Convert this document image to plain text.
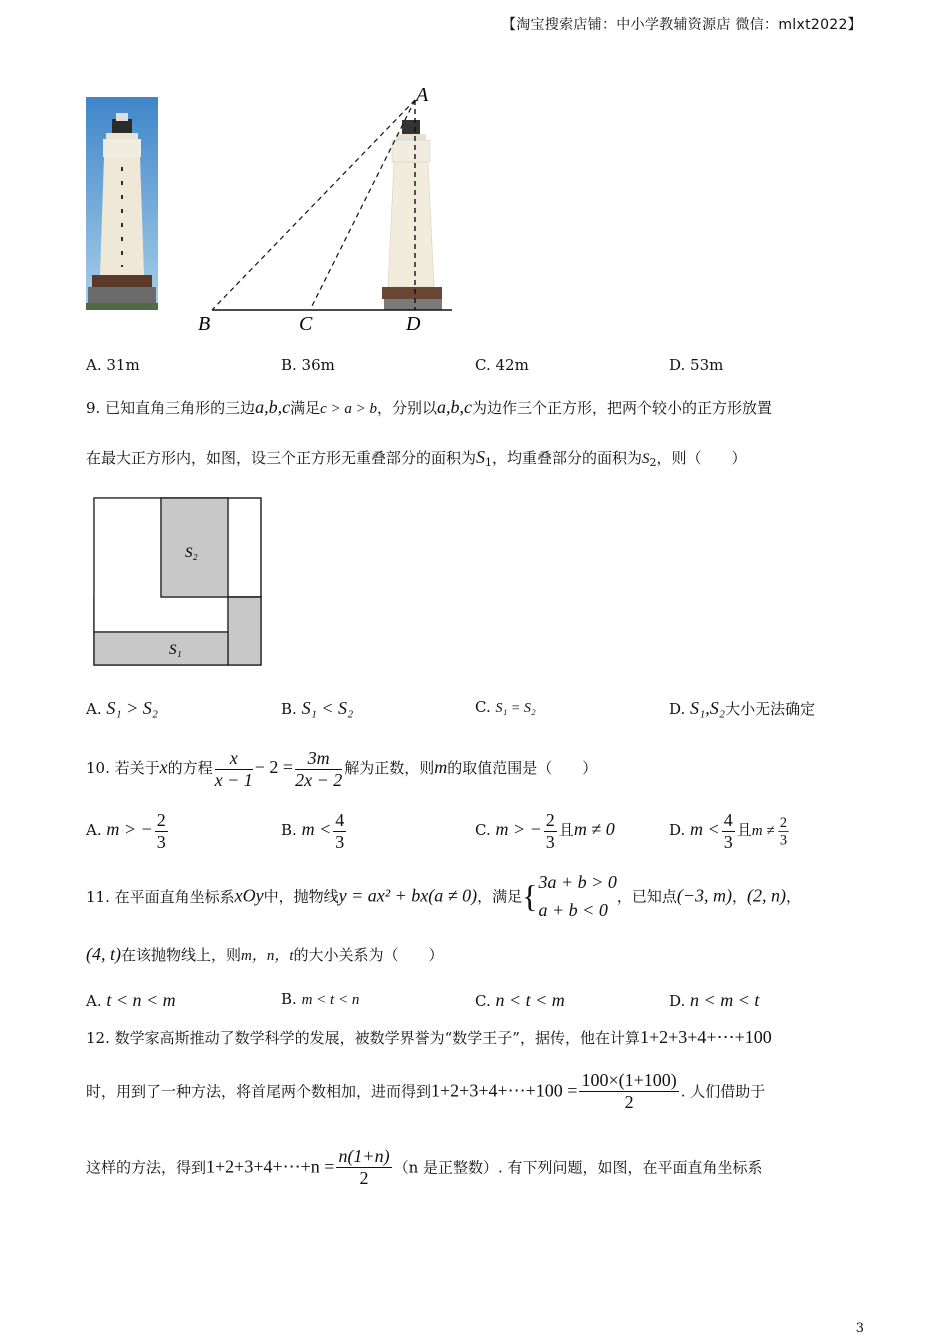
【淘宝搜索店铺：中小学教辅资源店 微信：mlxt2022】
A
B	C	D
A. 31m	B. 36m	C. 42m	D. 53m
9. 已知直角三角形的三边a,b,c满足c > a > b，分别以a,b,c为边作三个正方形，把两个较小的正方形放置
在最大正方形内，如图，设三个正方形无重叠部分的面积为$S_1$，均重叠部分的面积为$S_2$，则（　　）
S₂
S₁
A. S₁ > S₂	B. S₁ < S₂	C. S₁ = S₂	D. S₁,S₂大小无法确定
10. 若关于x的方程 $\frac{x}{x - 1} - 2 = \frac{3m}{2x - 2}$ 解为正数，则m的取值范围是（　　）
A. m > − $\frac{2}{3}$	B. $m < \frac{4}{3}$	C. m > − $\frac{2}{3}$ 且m ≠ 0	D. $m < \frac{4}{3}$ 且$m \ne \frac{2}{3}$
11. 在平面直角坐标系xOy中，抛物线y = ax² + bx(a ≠ 0)，满足{ 3a + b > 0
a + b < 0
，已知点(−3, m)，(2, n)，
(4, t)在该抛物线上，则m，n，t的大小关系为（　　）
A. t < n < m	B. m < t < n	C. n < t < m	D. n < m < t
12. 数学家高斯推动了数学科学的发展，被数学界誉为“数学王子”，据传，他在计算1+2+3+4+⋯+100
时，用到了一种方法，将首尾两个数相加，进而得到1+2+3+4+⋯+100 = $\frac{100\times(1+100)}{2}$ . 人们借助于
这样的方法，得到1+2+3+4+⋯+n = $\frac{n(1+n)}{2} (n$ 是正整数）. 有下列问题，如图，在平面直角坐标系
3
